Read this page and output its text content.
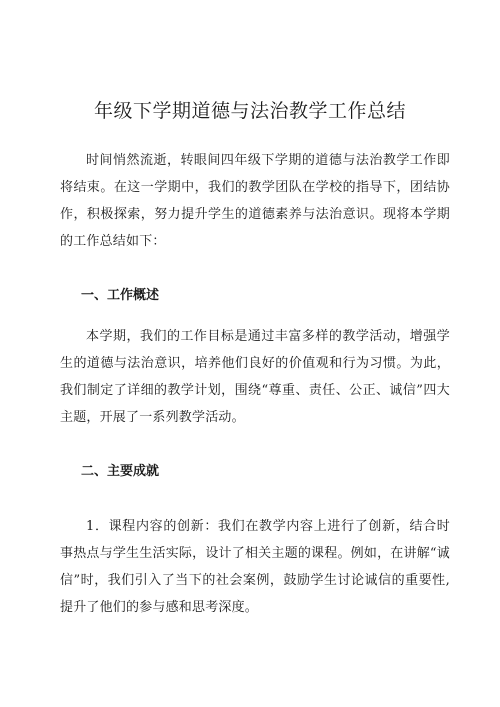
年级下学期道德与法治教学工作总结

时间悄然流逝，转眼间四年级下学期的道德与法治教学工作即将结束。在这一学期中，我们的教学团队在学校的指导下，团结协作，积极探索，努力提升学生的道德素养与法治意识。现将本学期的工作总结如下：

一、工作概述

本学期，我们的工作目标是通过丰富多样的教学活动，增强学生的道德与法治意识，培养他们良好的价值观和行为习惯。为此，我们制定了详细的教学计划，围绕“尊重、责任、公正、诚信”四大主题，开展了一系列教学活动。

二、主要成就

1．课程内容的创新：我们在教学内容上进行了创新，结合时事热点与学生生活实际，设计了相关主题的课程。例如，在讲解“诚信”时，我们引入了当下的社会案例，鼓励学生讨论诚信的重要性,提升了他们的参与感和思考深度。
